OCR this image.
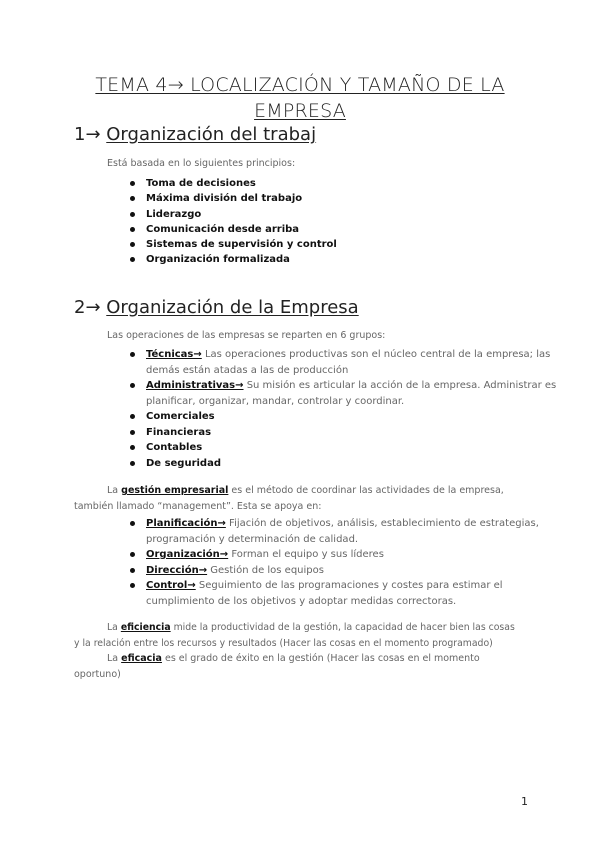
TEMA 4→ LOCALIZACIÓN Y TAMAÑO DE LA
EMPRESA
1→ Organización del trabaj
Está basada en lo siguientes principios:
Toma de decisiones
Máxima división del trabajo
Liderazgo
Comunicación desde arriba
Sistemas de supervisión y control
Organización formalizada
2→ Organización de la Empresa
Las operaciones de las empresas se reparten en 6 grupos:
Técnicas→ Las operaciones productivas son el núcleo central de la empresa; las
demás están atadas a las de producción
Administrativas→ Su misión es articular la acción de la empresa. Administrar es
planificar, organizar, mandar, controlar y coordinar.
Comerciales
Financieras
Contables
De seguridad
La gestión empresarial es el método de coordinar las actividades de la empresa,
también llamado “management”. Esta se apoya en:
Planificación→ Fijación de objetivos, análisis, establecimiento de estrategias,
programación y determinación de calidad.
Organización→ Forman el equipo y sus líderes
Dirección→ Gestión de los equipos
Control→ Seguimiento de las programaciones y costes para estimar el
cumplimiento de los objetivos y adoptar medidas correctoras.
La eficiencia mide la productividad de la gestión, la capacidad de hacer bien las cosas
y la relación entre los recursos y resultados (Hacer las cosas en el momento programado)
La eficacia es el grado de éxito en la gestión (Hacer las cosas en el momento
oportuno)
1
